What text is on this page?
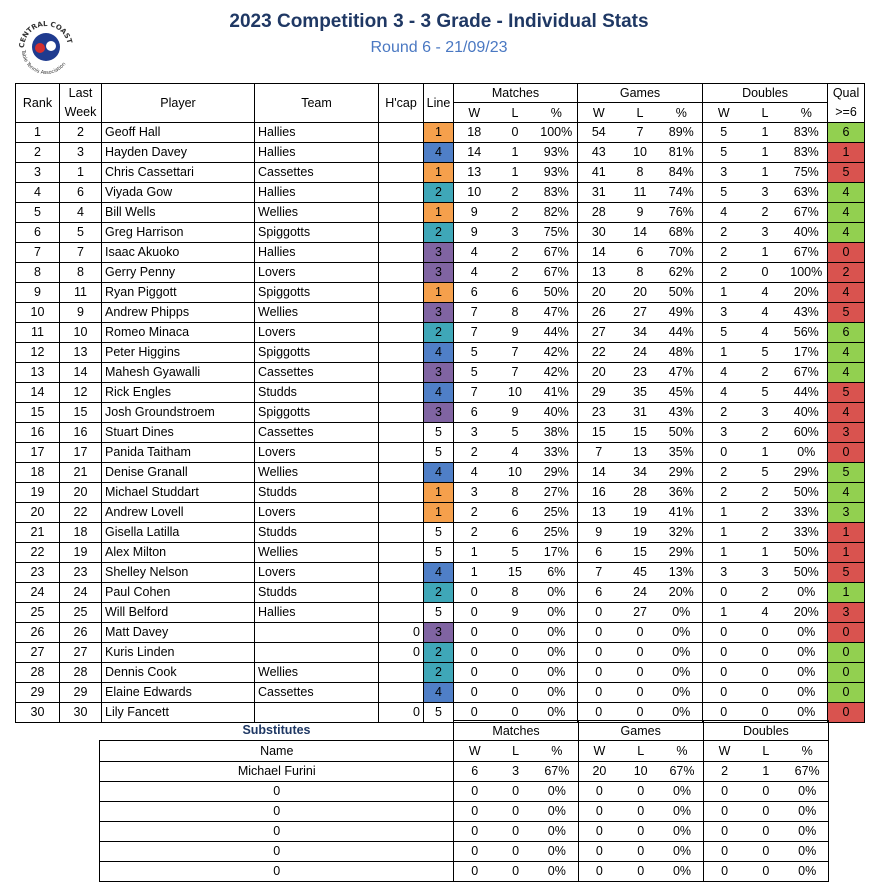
CENTRAL COAST
Table Tennis Association
2023 Competition 3 - 3 Grade - Individual Stats
Round 6 - 21/09/23
Rank	Last	Player	Team	H'cap	Line	Matches			Games			Doubles			Qual
	Week					W	L	%	W	L	%	W	L	%	>=6
1	2	Geoff Hall	Hallies		1	18	0	100%	54	7	89%	5	1	83%	6
2	3	Hayden Davey	Hallies		4	14	1	93%	43	10	81%	5	1	83%	1
3	1	Chris Cassettari	Cassettes		1	13	1	93%	41	8	84%	3	1	75%	5
4	6	Viyada Gow	Hallies		2	10	2	83%	31	11	74%	5	3	63%	4
5	4	Bill Wells	Wellies		1	9	2	82%	28	9	76%	4	2	67%	4
6	5	Greg Harrison	Spiggotts		2	9	3	75%	30	14	68%	2	3	40%	4
7	7	Isaac Akuoko	Hallies		3	4	2	67%	14	6	70%	2	1	67%	0
8	8	Gerry Penny	Lovers		3	4	2	67%	13	8	62%	2	0	100%	2
9	11	Ryan Piggott	Spiggotts		1	6	6	50%	20	20	50%	1	4	20%	4
10	9	Andrew Phipps	Wellies		3	7	8	47%	26	27	49%	3	4	43%	5
11	10	Romeo Minaca	Lovers		2	7	9	44%	27	34	44%	5	4	56%	6
12	13	Peter Higgins	Spiggotts		4	5	7	42%	22	24	48%	1	5	17%	4
13	14	Mahesh Gyawalli	Cassettes		3	5	7	42%	20	23	47%	4	2	67%	4
14	12	Rick Engles	Studds		4	7	10	41%	29	35	45%	4	5	44%	5
15	15	Josh Groundstroem	Spiggotts		3	6	9	40%	23	31	43%	2	3	40%	4
16	16	Stuart Dines	Cassettes		5	3	5	38%	15	15	50%	3	2	60%	3
17	17	Panida Taitham	Lovers		5	2	4	33%	7	13	35%	0	1	0%	0
18	21	Denise Granall	Wellies		4	4	10	29%	14	34	29%	2	5	29%	5
19	20	Michael Studdart	Studds		1	3	8	27%	16	28	36%	2	2	50%	4
20	22	Andrew Lovell	Lovers		1	2	6	25%	13	19	41%	1	2	33%	3
21	18	Gisella Latilla	Studds		5	2	6	25%	9	19	32%	1	2	33%	1
22	19	Alex Milton	Wellies		5	1	5	17%	6	15	29%	1	1	50%	1
23	23	Shelley Nelson	Lovers		4	1	15	6%	7	45	13%	3	3	50%	5
24	24	Paul Cohen	Studds		2	0	8	0%	6	24	20%	0	2	0%	1
25	25	Will Belford	Hallies		5	0	9	0%	0	27	0%	1	4	20%	3
26	26	Matt Davey		0	3	0	0	0%	0	0	0%	0	0	0%	0
27	27	Kuris Linden		0	2	0	0	0%	0	0	0%	0	0	0%	0
28	28	Dennis Cook	Wellies		2	0	0	0%	0	0	0%	0	0	0%	0
29	29	Elaine Edwards	Cassettes		4	0	0	0%	0	0	0%	0	0	0%	0
30	30	Lily Fancett		0	5	0	0	0%	0	0	0%	0	0	0%	0
Substitutes	Matches			Games			Doubles		
Name	W	L	%	W	L	%	W	L	%
Michael Furini	6	3	67%	20	10	67%	2	1	67%
0	0	0	0%	0	0	0%	0	0	0%
0	0	0	0%	0	0	0%	0	0	0%
0	0	0	0%	0	0	0%	0	0	0%
0	0	0	0%	0	0	0%	0	0	0%
0	0	0	0%	0	0	0%	0	0	0%
